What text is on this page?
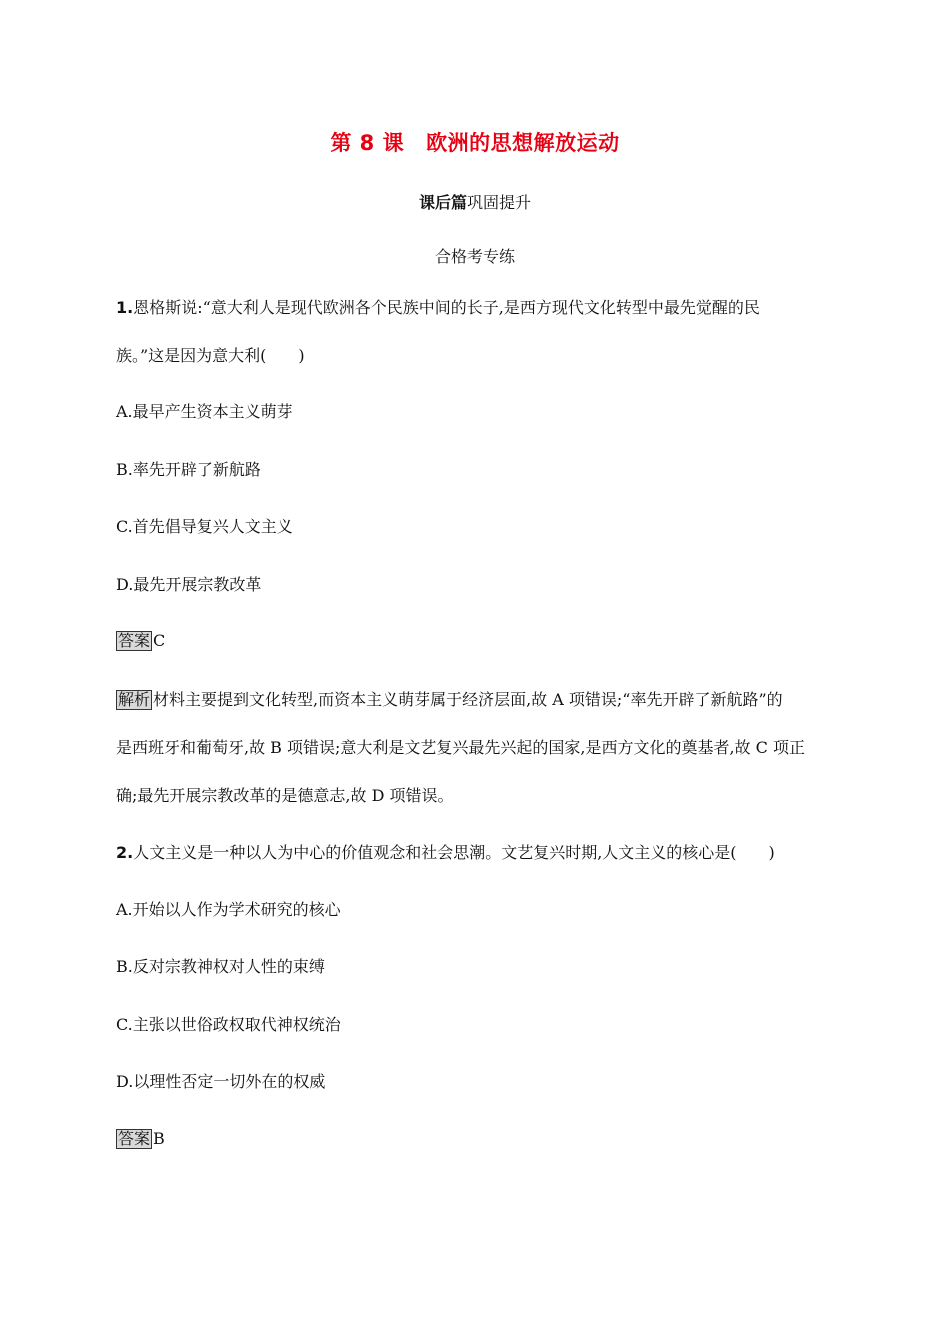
第 8 课 欧洲的思想解放运动
课后篇巩固提升
合格考专练
1.恩格斯说:“意大利人是现代欧洲各个民族中间的长子,是西方现代文化转型中最先觉醒的民
族。”这是因为意大利(　　)
A.最早产生资本主义萌芽
B.率先开辟了新航路
C.首先倡导复兴人文主义
D.最先开展宗教改革
答案 C
解析 材料主要提到文化转型,而资本主义萌芽属于经济层面,故 A 项错误;“率先开辟了新航路”的
是西班牙和葡萄牙,故 B 项错误;意大利是文艺复兴最先兴起的国家,是西方文化的奠基者,故 C 项正
确;最先开展宗教改革的是德意志,故 D 项错误。
2.人文主义是一种以人为中心的价值观念和社会思潮。文艺复兴时期,人文主义的核心是(　　)
A.开始以人作为学术研究的核心
B.反对宗教神权对人性的束缚
C.主张以世俗政权取代神权统治
D.以理性否定一切外在的权威
答案 B
